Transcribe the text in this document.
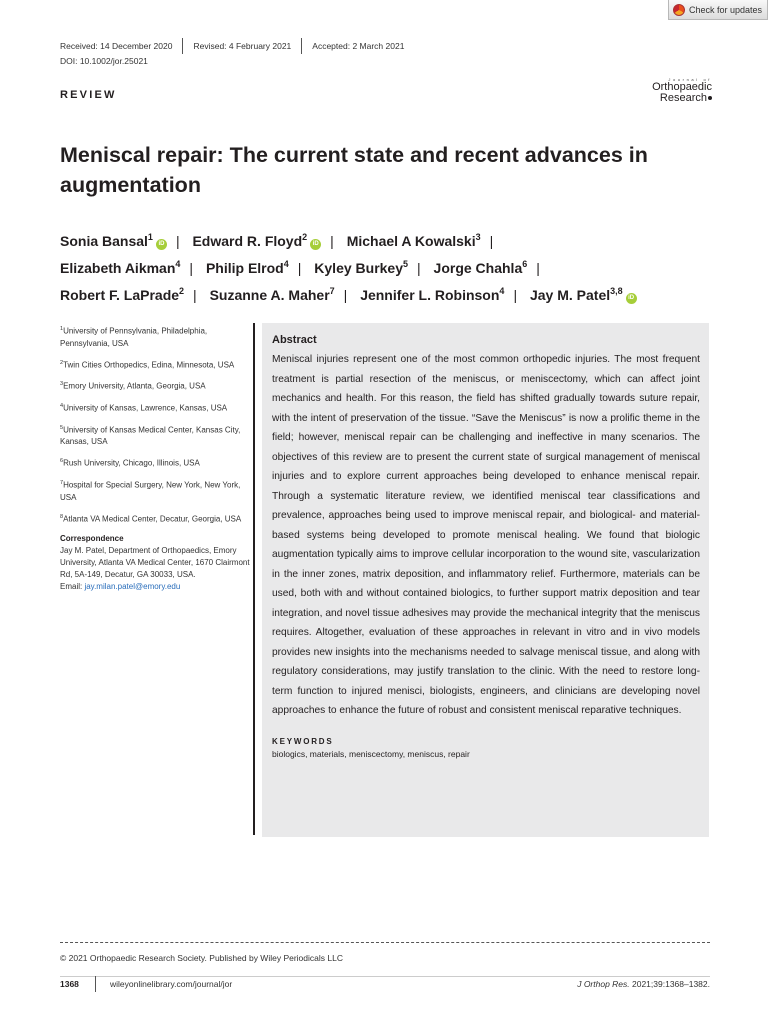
Check for updates
Received: 14 December 2020 Revised: 4 February 2021 Accepted: 2 March 2021
DOI: 10.1002/jor.25021
Journal of
Orthopaedic
Research
REVIEW
Meniscal repair: The current state and recent advances in augmentation
Sonia Bansal$^1$iD | Edward R. Floyd$^2$iD | Michael A Kowalski$^3$ |
Elizabeth Aikman$^4$ | Philip Elrod$^4$ | Kyley Burkey$^5$ | Jorge Chahla$^6$ |
Robert F. LaPrade$^2$ | Suzanne A. Maher$^7$ | Jennifer L. Robinson$^4$ | Jay M. Patel$^{3,8}$iD
$^1$University of Pennsylvania, Philadelphia, Pennsylvania, USA
$^2$Twin Cities Orthopedics, Edina, Minnesota, USA
$^3$Emory University, Atlanta, Georgia, USA
$^4$University of Kansas, Lawrence, Kansas, USA
$^5$University of Kansas Medical Center, Kansas City, Kansas, USA
$^6$Rush University, Chicago, Illinois, USA
$^7$Hospital for Special Surgery, New York, New York, USA
$^8$Atlanta VA Medical Center, Decatur, Georgia, USA
Correspondence
Jay M. Patel, Department of Orthopaedics, Emory University, Atlanta VA Medical Center, 1670 Clairmont Rd, 5A-149, Decatur, GA 30033, USA.
Email: jay.milan.patel@emory.edu
Abstract

Meniscal injuries represent one of the most common orthopedic injuries. The most frequent treatment is partial resection of the meniscus, or meniscectomy, which can affect joint mechanics and health. For this reason, the field has shifted gradually towards suture repair, with the intent of preservation of the tissue. “Save the Meniscus” is now a prolific theme in the field; however, meniscal repair can be challenging and ineffective in many scenarios. The objectives of this review are to present the current state of surgical management of meniscal injuries and to explore current approaches being developed to enhance meniscal repair. Through a systematic literature review, we identified meniscal tear classifications and prevalence, approaches being used to improve meniscal repair, and biological- and material-based systems being developed to promote meniscal healing. We found that biologic augmentation typically aims to improve cellular incorporation to the wound site, vascularization in the inner zones, matrix deposition, and inflammatory relief. Furthermore, materials can be used, both with and without contained biologics, to further support matrix deposition and tear integration, and novel tissue adhesives may provide the mechanical integrity that the meniscus requires. Altogether, evaluation of these approaches in relevant in vitro and in vivo models provides new insights into the mechanisms needed to salvage meniscal tissue, and along with regulatory considerations, may justify translation to the clinic. With the need to restore long-term function to injured menisci, biologists, engineers, and clinicians are developing novel approaches to enhance the future of robust and consistent meniscal reparative techniques.

KEYWORDS
biologics, materials, meniscectomy, meniscus, repair
© 2021 Orthopaedic Research Society. Published by Wiley Periodicals LLC
1368	wileyonlinelibrary.com/journal/jor	J Orthop Res. 2021;39:1368–1382.
